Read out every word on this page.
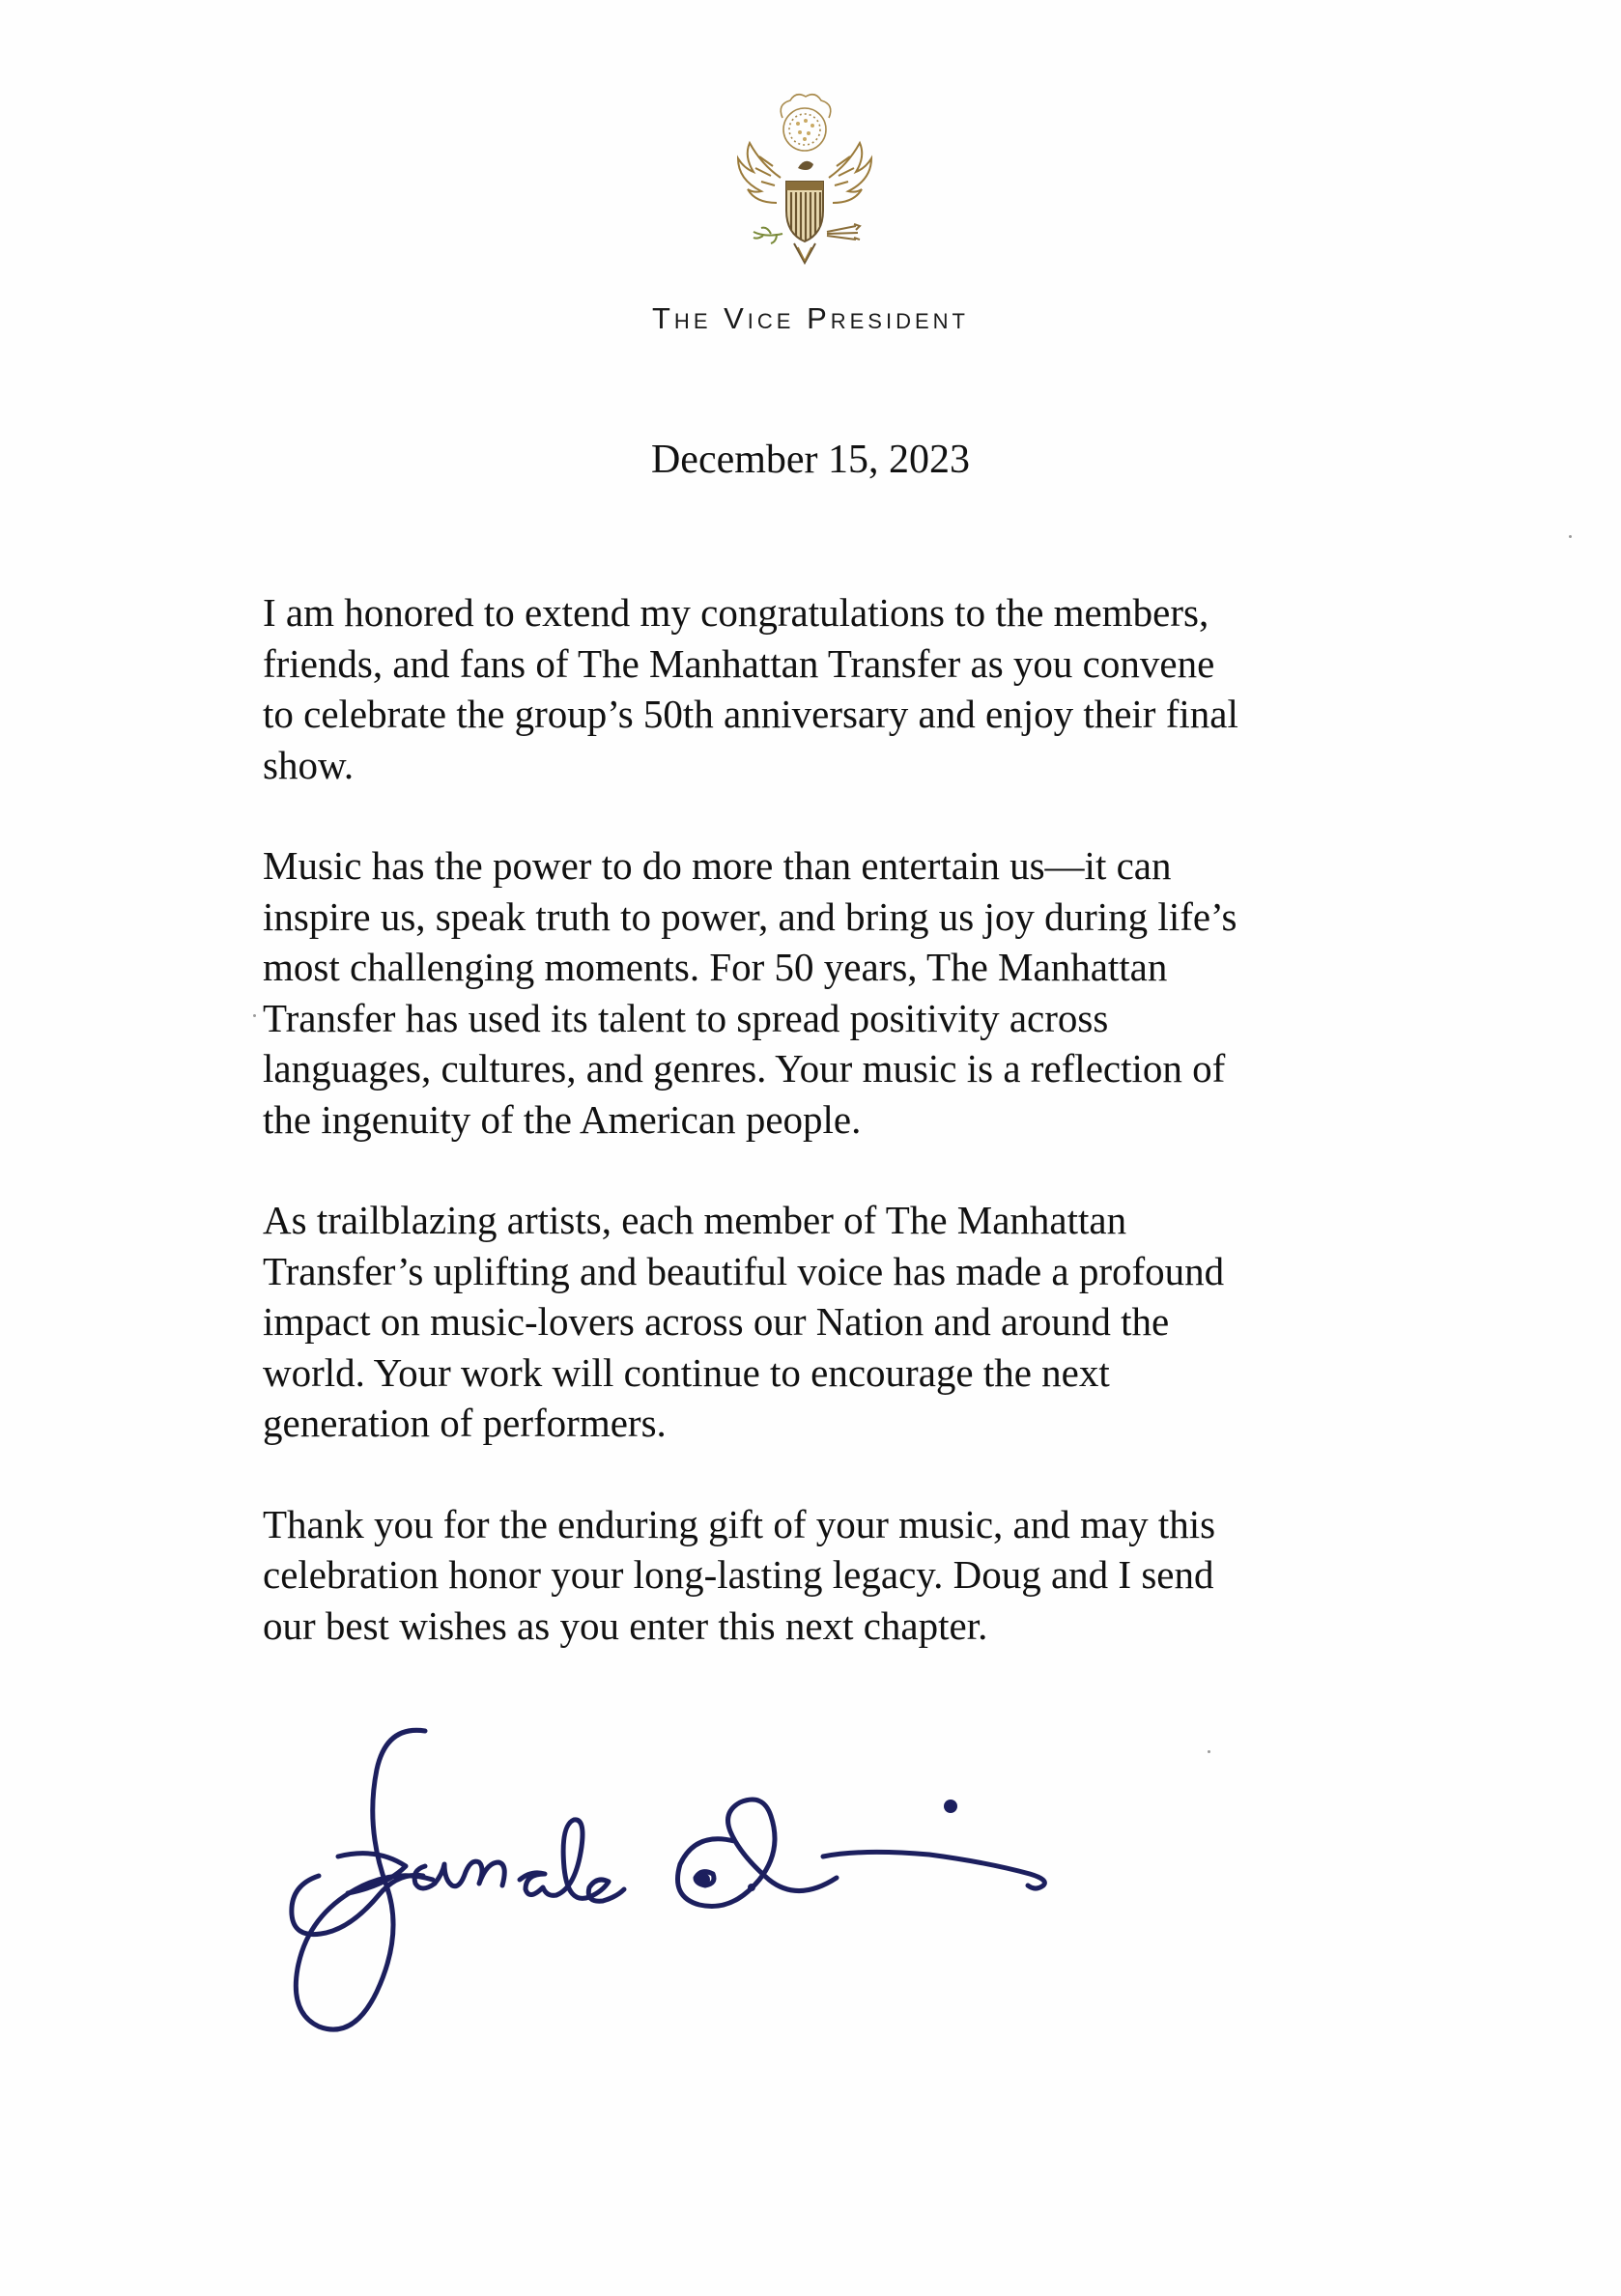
The Vice President
December 15, 2023

I am honored to extend my congratulations to the members,
friends, and fans of The Manhattan Transfer as you convene
to celebrate the group’s 50th anniversary and enjoy their final
show.

Music has the power to do more than entertain us—it can
inspire us, speak truth to power, and bring us joy during life’s
most challenging moments. For 50 years, The Manhattan
Transfer has used its talent to spread positivity across
languages, cultures, and genres. Your music is a reflection of
the ingenuity of the American people.

As trailblazing artists, each member of The Manhattan
Transfer’s uplifting and beautiful voice has made a profound
impact on music-lovers across our Nation and around the
world. Your work will continue to encourage the next
generation of performers.

Thank you for the enduring gift of your music, and may this
celebration honor your long-lasting legacy. Doug and I send
our best wishes as you enter this next chapter.
